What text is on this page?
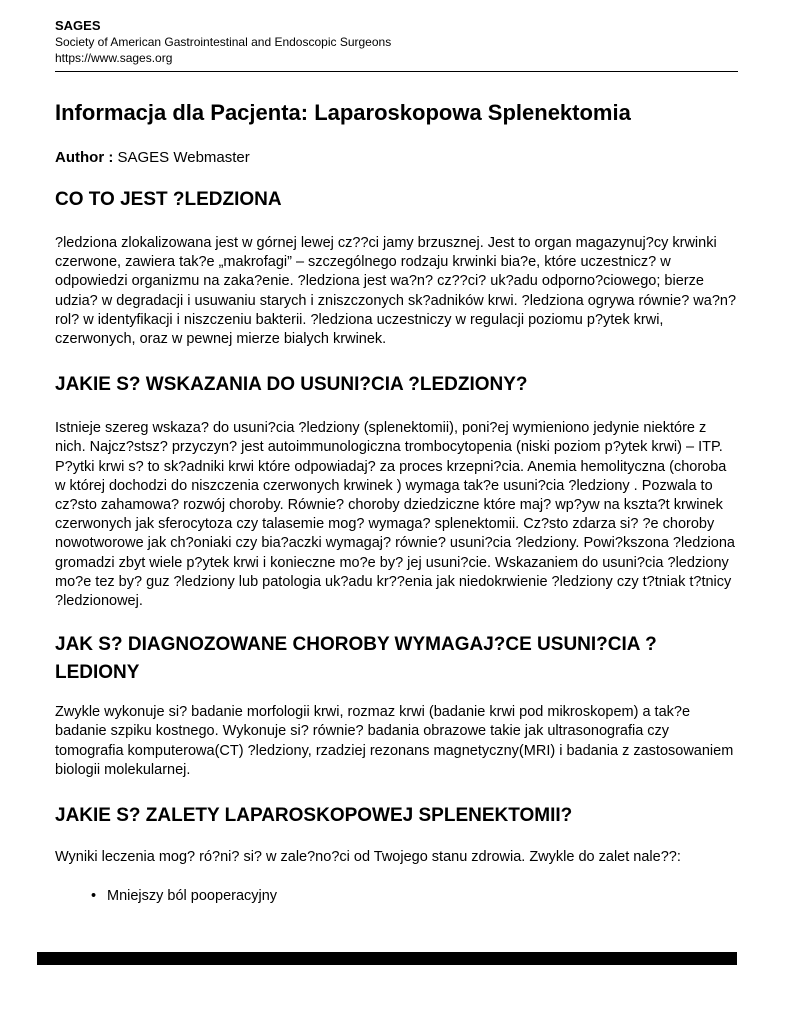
SAGES
Society of American Gastrointestinal and Endoscopic Surgeons
https://www.sages.org
Informacja dla Pacjenta: Laparoskopowa Splenektomia
Author : SAGES Webmaster
CO TO JEST ?LEDZIONA

?ledziona zlokalizowana jest w górnej lewej cz??ci jamy brzusznej. Jest to organ magazynuj?cy krwinki czerwone, zawiera tak?e „makrofagi” – szczególnego rodzaju krwinki bia?e, które uczestnicz? w odpowiedzi organizmu na zaka?enie. ?ledziona jest wa?n? cz??ci? uk?adu odporno?ciowego; bierze udzia? w degradacji i usuwaniu starych i zniszczonych sk?adników krwi. ?ledziona ogrywa równie? wa?n? rol? w identyfikacji i niszczeniu bakterii. ?ledziona uczestniczy w regulacji poziomu p?ytek krwi, czerwonych, oraz w pewnej mierze bialych krwinek.

JAKIE S? WSKAZANIA DO USUNI?CIA ?LEDZIONY?

Istnieje szereg wskaza? do usuni?cia ?ledziony (splenektomii), poni?ej wymieniono jedynie niektóre z nich. Najcz?stsz? przyczyn? jest autoimmunologiczna trombocytopenia (niski poziom p?ytek krwi) – ITP. P?ytki krwi s? to sk?adniki krwi które odpowiadaj? za proces krzepni?cia. Anemia hemolityczna (choroba w której dochodzi do niszczenia czerwonych krwinek ) wymaga tak?e usuni?cia ?ledziony . Pozwala to cz?sto zahamowa? rozwój choroby. Równie? choroby dziedziczne które maj? wp?yw na kszta?t krwinek czerwonych jak sferocytoza czy talasemie mog? wymaga? splenektomii. Cz?sto zdarza si? ?e choroby nowotworowe jak ch?oniaki czy bia?aczki wymagaj? równie? usuni?cia ?ledziony. Powi?kszona ?ledziona gromadzi zbyt wiele p?ytek krwi i konieczne mo?e by? jej usuni?cie. Wskazaniem do usuni?cia ?ledziony mo?e tez by? guz ?ledziony lub patologia uk?adu kr??enia jak niedokrwienie ?ledziony czy t?tniak t?tnicy ?ledzionowej.

JAK S? DIAGNOZOWANE CHOROBY WYMAGAJ?CE USUNI?CIA ?LEDIONY

Zwykle wykonuje si? badanie morfologii krwi, rozmaz krwi (badanie krwi pod mikroskopem) a tak?e badanie szpiku kostnego. Wykonuje si? równie? badania obrazowe takie jak ultrasonografia czy tomografia komputerowa(CT) ?ledziony, rzadziej rezonans magnetyczny(MRI) i badania z zastosowaniem biologii molekularnej.

JAKIE S? ZALETY LAPAROSKOPOWEJ SPLENEKTOMII?

Wyniki leczenia mog? ró?ni? si? w zale?no?ci od Twojego stanu zdrowia. Zwykle do zalet nale??:

• Mniejszy ból pooperacyjny
